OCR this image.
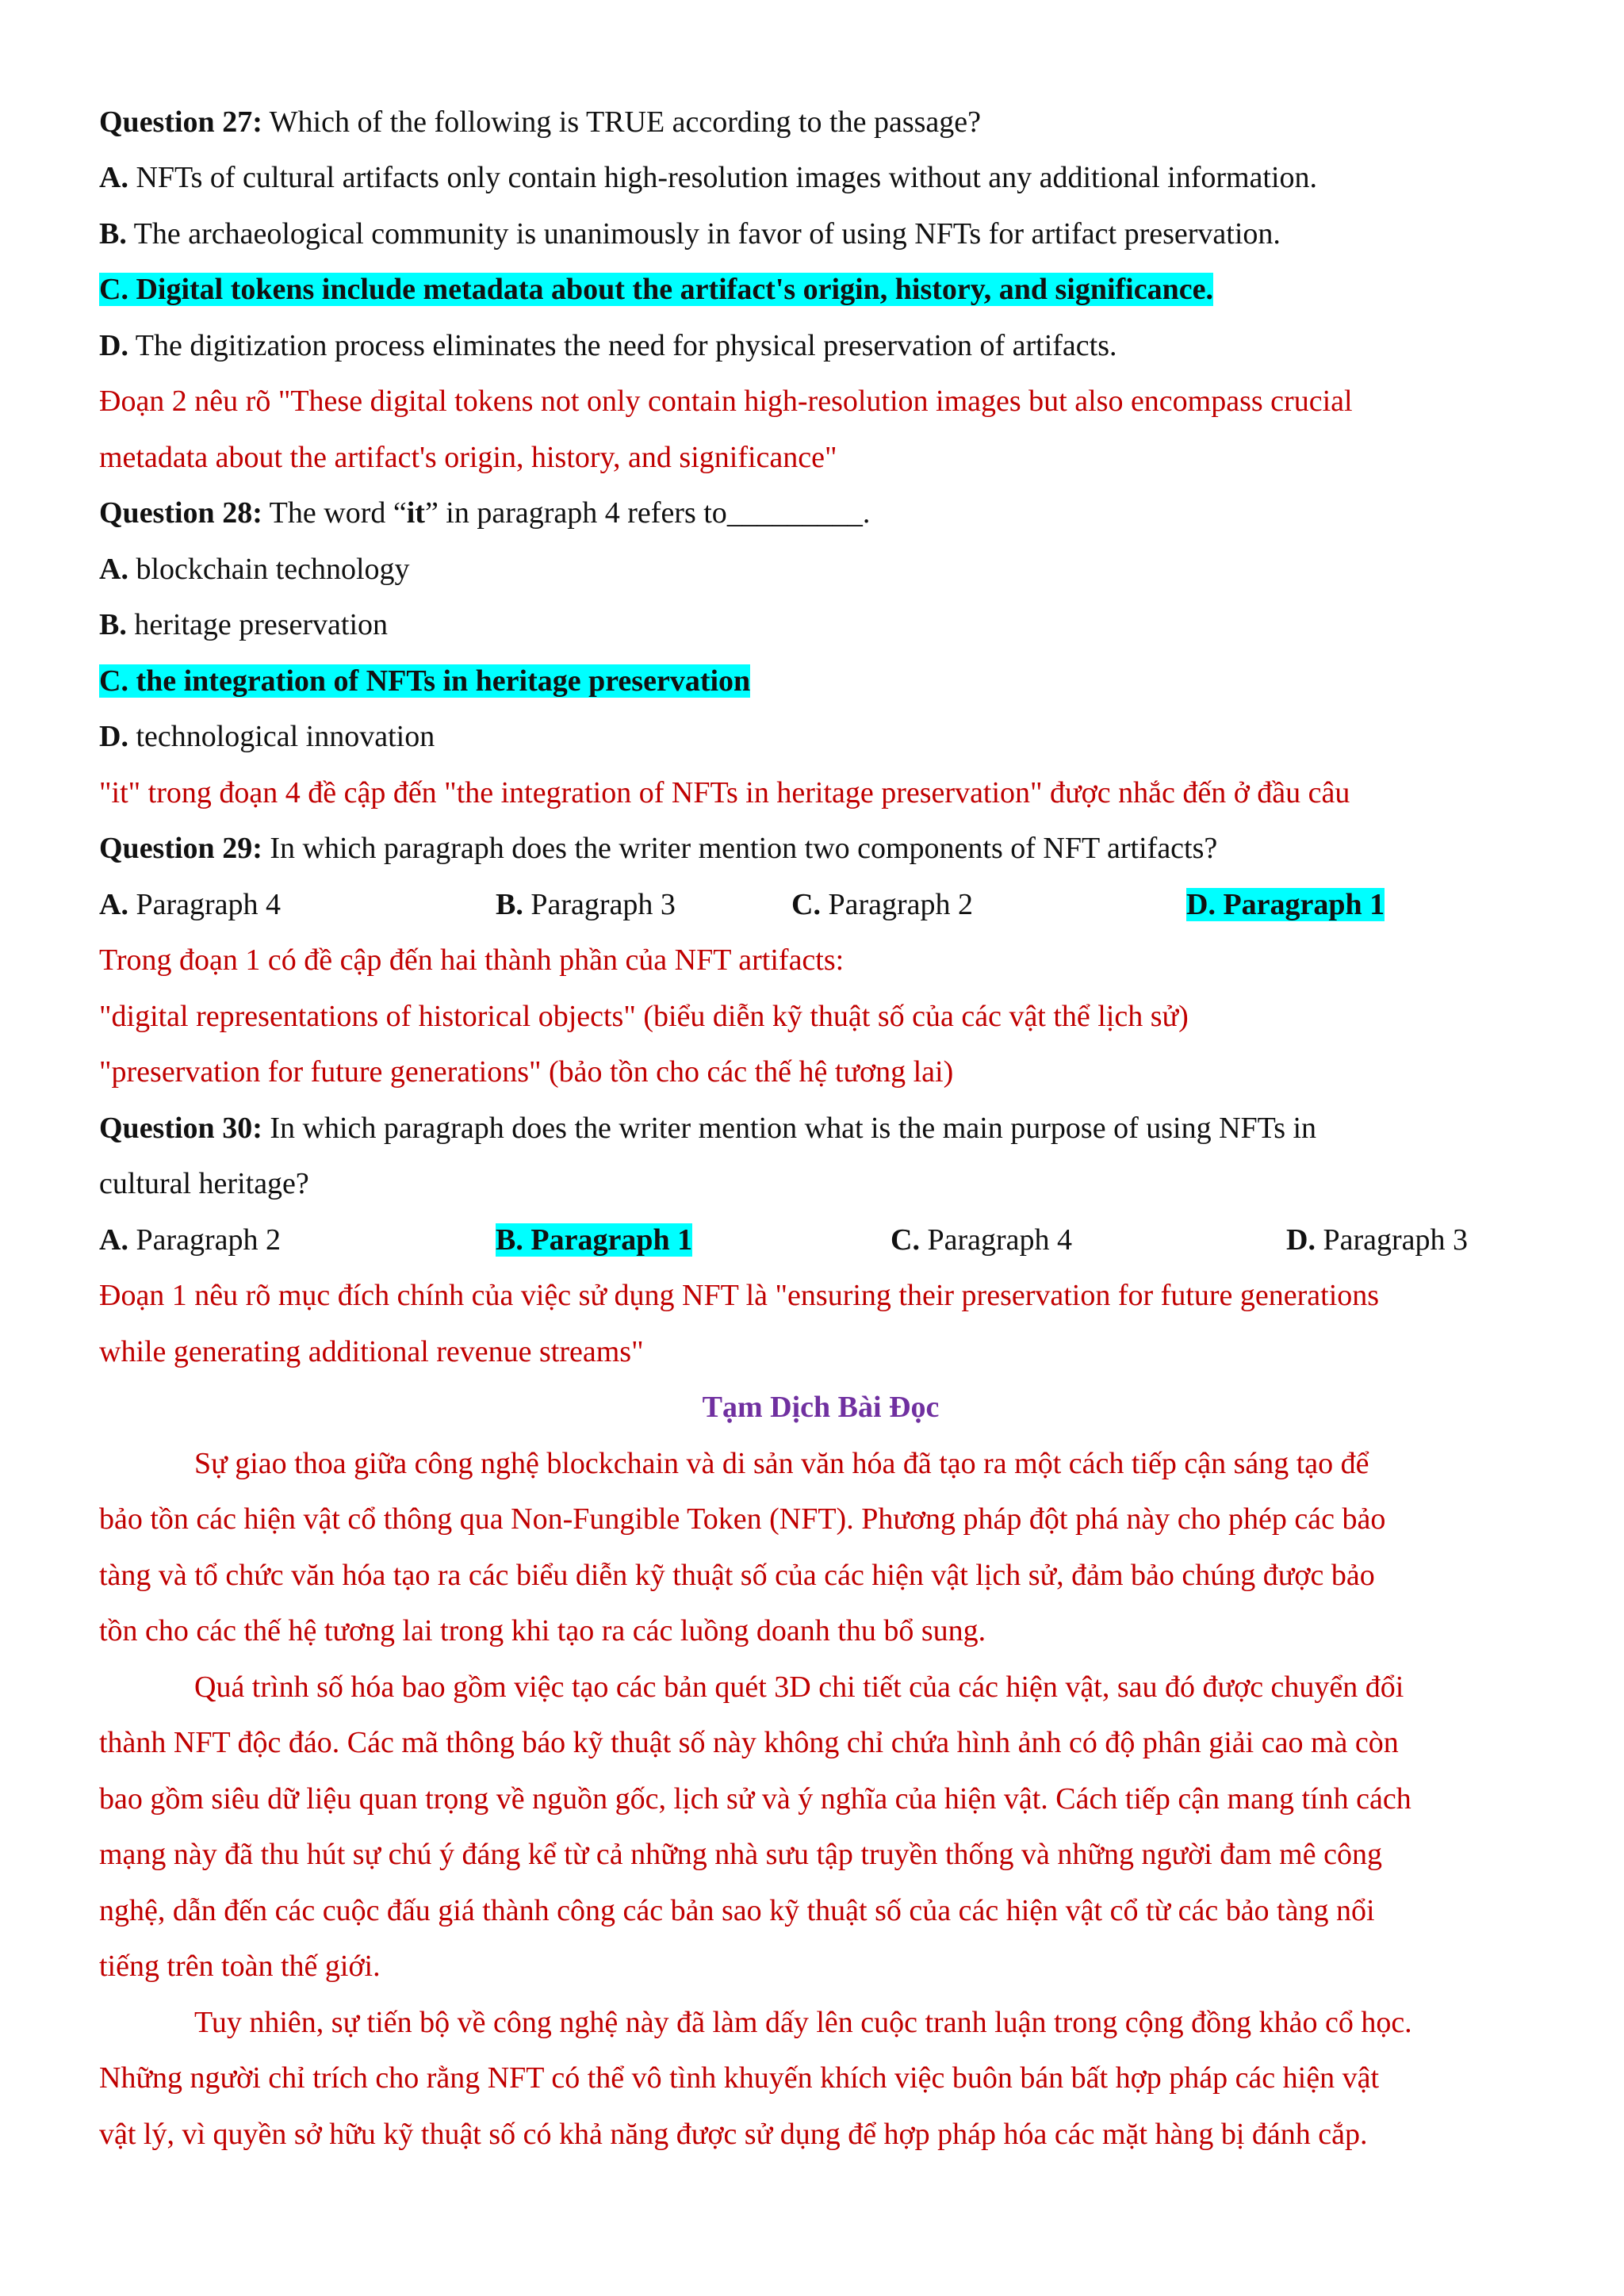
Question 27: Which of the following is TRUE according to the passage?
A. NFTs of cultural artifacts only contain high-resolution images without any additional information.
B. The archaeological community is unanimously in favor of using NFTs for artifact preservation.
C. Digital tokens include metadata about the artifact's origin, history, and significance.
D. The digitization process eliminates the need for physical preservation of artifacts.
Đoạn 2 nêu rõ "These digital tokens not only contain high-resolution images but also encompass crucial
metadata about the artifact's origin, history, and significance"
Question 28: The word “it” in paragraph 4 refers to_________.
A. blockchain technology
B. heritage preservation
C. the integration of NFTs in heritage preservation
D. technological innovation
"it" trong đoạn 4 đề cập đến "the integration of NFTs in heritage preservation" được nhắc đến ở đầu câu
Question 29: In which paragraph does the writer mention two components of NFT artifacts?
A. Paragraph 4	B. Paragraph 3	C. Paragraph 2	D. Paragraph 1
Trong đoạn 1 có đề cập đến hai thành phần của NFT artifacts:
"digital representations of historical objects" (biểu diễn kỹ thuật số của các vật thể lịch sử)
"preservation for future generations" (bảo tồn cho các thế hệ tương lai)
Question 30: In which paragraph does the writer mention what is the main purpose of using NFTs in
cultural heritage?
A. Paragraph 2	B. Paragraph 1	C. Paragraph 4	D. Paragraph 3
Đoạn 1 nêu rõ mục đích chính của việc sử dụng NFT là "ensuring their preservation for future generations
while generating additional revenue streams"
Tạm Dịch Bài Đọc
Sự giao thoa giữa công nghệ blockchain và di sản văn hóa đã tạo ra một cách tiếp cận sáng tạo để
bảo tồn các hiện vật cổ thông qua Non-Fungible Token (NFT). Phương pháp đột phá này cho phép các bảo
tàng và tổ chức văn hóa tạo ra các biểu diễn kỹ thuật số của các hiện vật lịch sử, đảm bảo chúng được bảo
tồn cho các thế hệ tương lai trong khi tạo ra các luồng doanh thu bổ sung.
Quá trình số hóa bao gồm việc tạo các bản quét 3D chi tiết của các hiện vật, sau đó được chuyển đổi
thành NFT độc đáo. Các mã thông báo kỹ thuật số này không chỉ chứa hình ảnh có độ phân giải cao mà còn
bao gồm siêu dữ liệu quan trọng về nguồn gốc, lịch sử và ý nghĩa của hiện vật. Cách tiếp cận mang tính cách
mạng này đã thu hút sự chú ý đáng kể từ cả những nhà sưu tập truyền thống và những người đam mê công
nghệ, dẫn đến các cuộc đấu giá thành công các bản sao kỹ thuật số của các hiện vật cổ từ các bảo tàng nổi
tiếng trên toàn thế giới.
Tuy nhiên, sự tiến bộ về công nghệ này đã làm dấy lên cuộc tranh luận trong cộng đồng khảo cổ học.
Những người chỉ trích cho rằng NFT có thể vô tình khuyến khích việc buôn bán bất hợp pháp các hiện vật
vật lý, vì quyền sở hữu kỹ thuật số có khả năng được sử dụng để hợp pháp hóa các mặt hàng bị đánh cắp.
